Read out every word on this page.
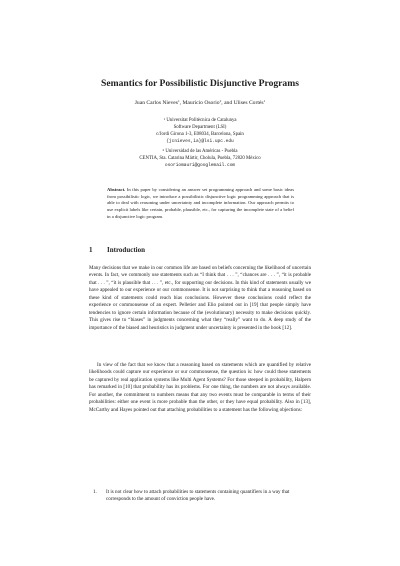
Semantics for Possibilistic Disjunctive Programs
Juan Carlos Nieves$^1$, Mauricio Osorio$^2$, and Ulises Cortés$^1$
$^1$ Universitat Politècnica de Catalunya
Software Department (LSI)
c/Jordi Girona 1-3, E08034, Barcelona, Spain
{jcnieves,ia}@lsi.upc.edu
$^2$ Universidad de las Américas - Puebla
CENTIA, Sta. Catarina Mártir, Cholula, Puebla, 72820 México
osoriomauri@googlemail.com
Abstract. In this paper by considering an answer set programming approach and some basic ideas from possibilistic logic, we introduce a possibilistic disjunctive logic programming approach that is able to deal with reasoning under uncertainty and incomplete information. Our approach permits to use explicit labels like certain, probable, plausible, etc., for capturing the incomplete state of a belief in a disjunctive logic program.
1 Introduction

Many decisions that we make in our common life are based on beliefs concerning the likelihood of uncertain events. In fact, we commonly use statements such as “I think that . . . ”, “chances are . . . ”, “it is probable that . . . ”, “it is plausible that . . . ”, etc., for supporting our decisions. In this kind of statements usually we have appealed to our experience or our commonsense. It is not surprising to think that a reasoning based on these kind of statements could reach bias conclusions. However these conclusions could reflect the experience or commonsense of an expert. Pelletier and Elio pointed out in [19] that people simply have tendencies to ignore certain information because of the (evolutionary) necessity to make decisions quickly. This gives rise to “biases” in judgments concerning what they “really” want to do. A deep study of the importance of the biased and heuristics in judgment under uncertainty is presented in the book [12].

In view of the fact that we know that a reasoning based on statements which are quantified by relative likelihoods could capture our experience or our commonsense, the question is: how could these statements be captured by real application systems like Multi Agent Systems? For those steeped in probability, Halpern has remarked in [10] that probability has its problems. For one thing, the numbers are not always available. For another, the commitment to numbers means that any two events must be comparable in terms of their probabilities: either one event is more probable than the other, or they have equal probability. Also in [13], McCarthy and Hayes pointed out that attaching probabilities to a statement has the following objections:

1.	It is not clear how to attach probabilities to statements containing quantifiers in a way that corresponds to the amount of conviction people have.
